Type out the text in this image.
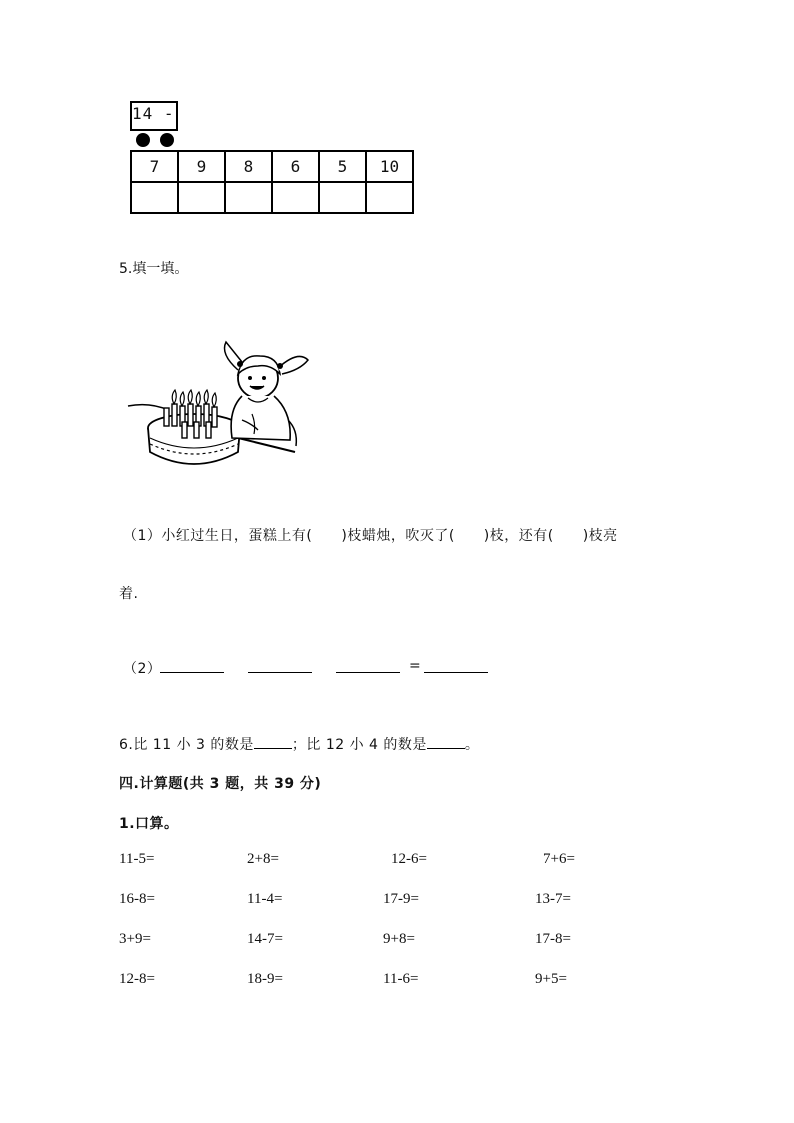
14 -
7	9	8	6	5	10

5.填一填。
（1）小红过生日，蛋糕上有(　　)枝蜡烛，吹灭了(　　)枝，还有(　　)枝亮
着.
（2）	=
6.比 11 小 3 的数是	；比 12 小 4 的数是	。
四.计算题(共 3 题，共 39 分)
1.口算。
11-5=	2+8=	12-6=	7+6=
16-8=	11-4=	17-9=	13-7=
3+9=	14-7=	9+8=	17-8=
12-8=	18-9=	11-6=	9+5=
